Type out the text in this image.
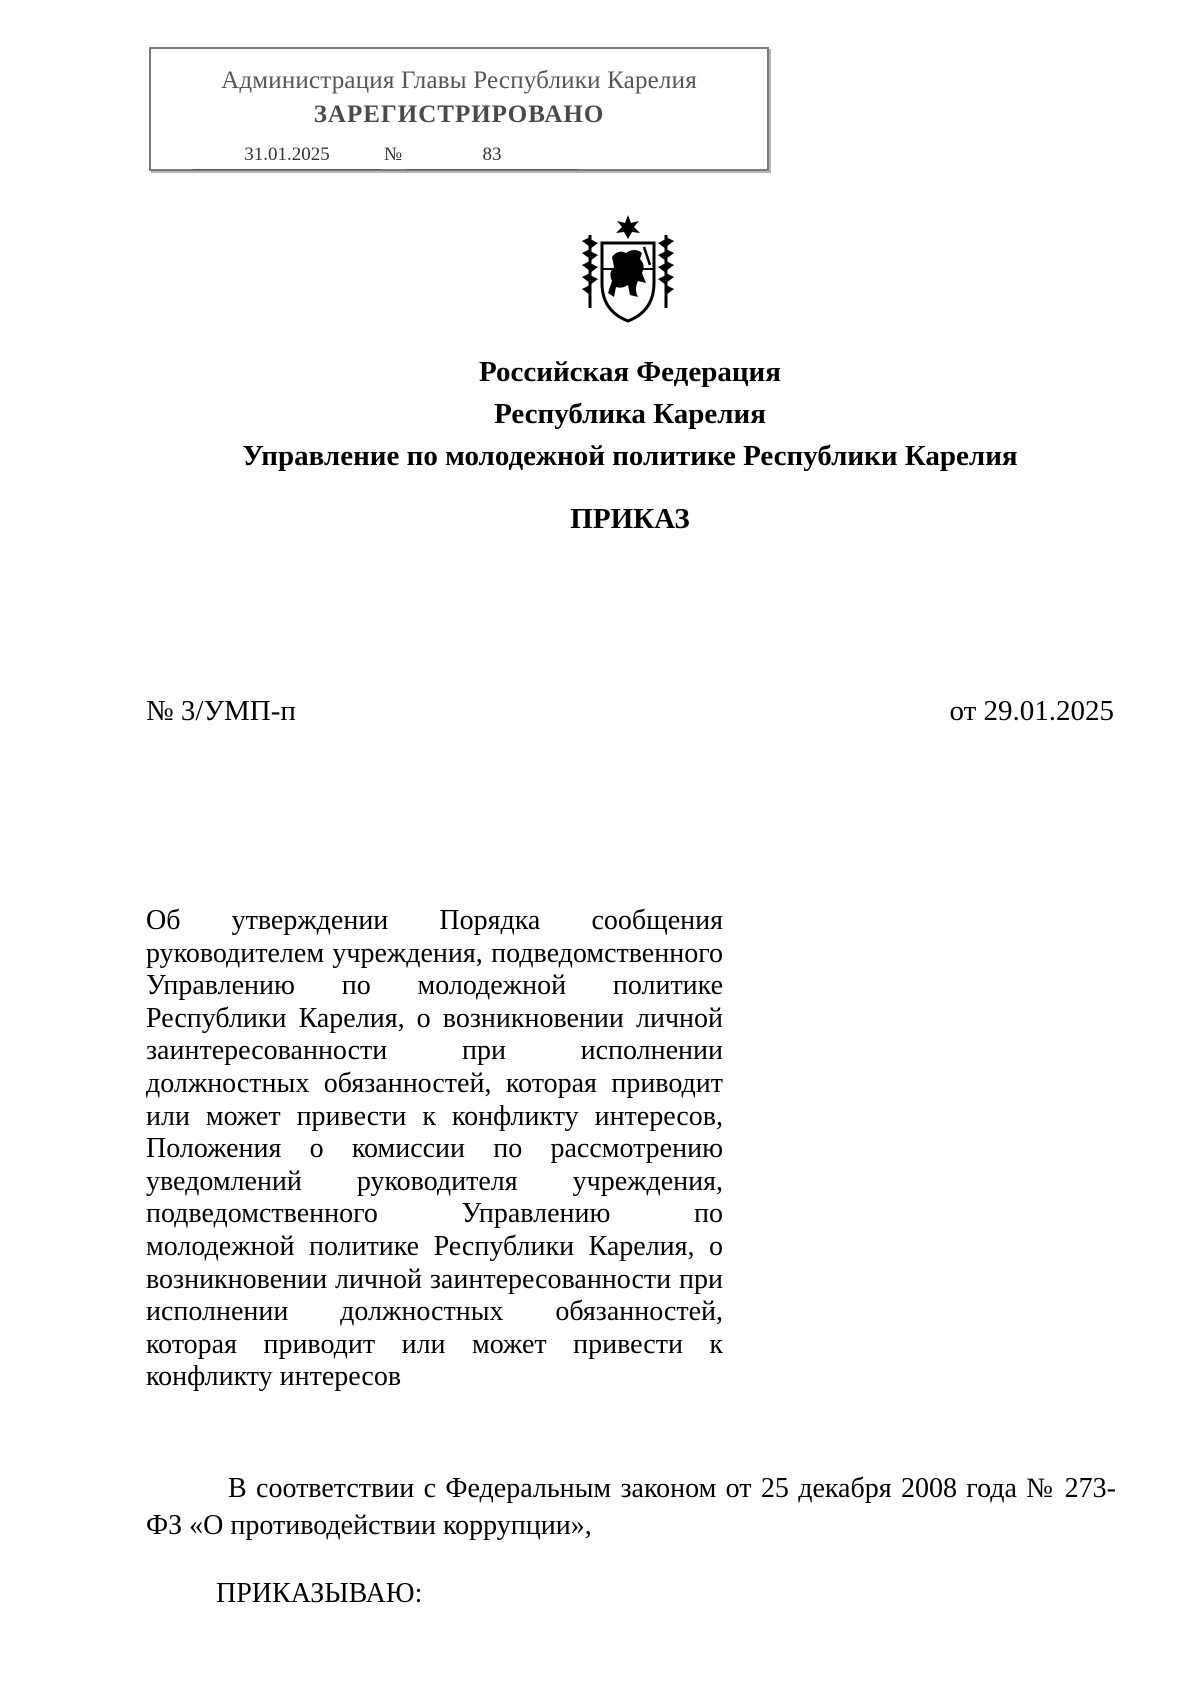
Администрация Главы Республики Карелия
ЗАРЕГИСТРИРОВАНО
31.01.2025	№	83
Российская Федерация
Республика Карелия
Управление по молодежной политике Республики Карелия
ПРИКАЗ
№ 3/УМП-п	от 29.01.2025
Об утверждении Порядка сообщения руководителем учреждения, подведомственного Управлению по молодежной политике Республики Карелия, о возникновении личной заинтересованности при исполнении должностных обязанностей, которая приводит или может привести к конфликту интересов, Положения о комиссии по рассмотрению уведомлений руководителя учреждения, подведомственного Управлению по молодежной политике Республики Карелия, о возникновении личной заинтересованности при исполнении должностных обязанностей, которая приводит или может привести к конфликту интересов
В соответствии с Федеральным законом от 25 декабря 2008 года № 273-ФЗ «О противодействии коррупции»,
ПРИКАЗЫВАЮ:
